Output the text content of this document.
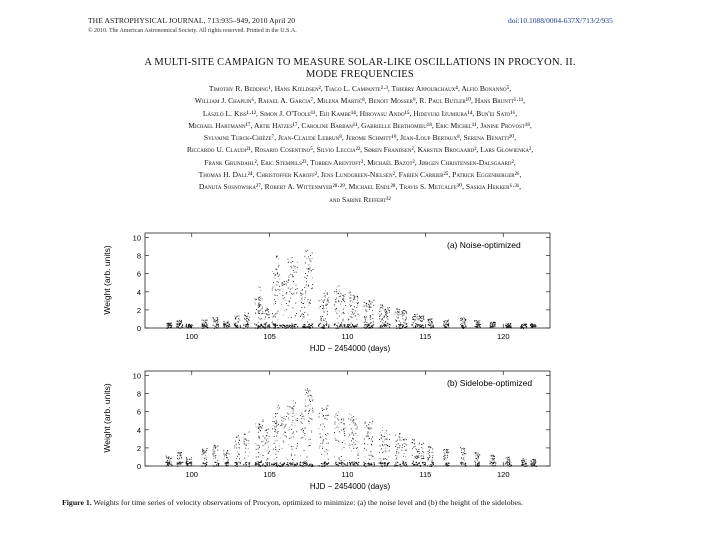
THE ASTROPHYSICAL JOURNAL, 713:935–949, 2010 April 20
© 2010. The American Astronomical Society. All rights reserved. Printed in the U.S.A.
doi:10.1088/0004-637X/713/2/935
A MULTI-SITE CAMPAIGN TO MEASURE SOLAR-LIKE OSCILLATIONS IN PROCYON. II.
MODE FREQUENCIES
Timothy R. Bedding¹, Hans Kjeldsen², Tiago L. Campante²·³, Thierry Appourchaux⁴, Alfio Bonanno⁵,
William J. Chaplin⁶, Rafael A. Garcia⁷, Milena Martić⁸, Benoit Mosser⁹, R. Paul Butler¹⁰, Hans Bruntt¹·¹¹,
László L. Kiss¹·¹², Simon J. O'Toole¹³, Eiji Kambe¹⁴, Hiroyasu Ando¹⁵, Hideyuki Izumiura¹⁴, Bun'ei Sato¹⁶,
Michael Hartmann¹⁷, Artie Hatzes¹⁷, Caroline Barban¹¹, Gabrielle Berthomieu¹⁸, Eric Michel¹¹, Janine Provost¹⁸,
Sylvaine Turck-Chièze⁷, Jean-Claude Lebrun⁸, Jerome Schmitt¹⁹, Jean-Loup Bertaux⁸, Serena Benatti²⁰,
Riccardo U. Claudi²¹, Rosario Cosentino⁵, Silvio Leccia²², Søren Frandsen², Karsten Brogaard², Lars Glowienka²,
Frank Grundahl², Eric Stempels²³, Torben Arentoft², Michaël Bazot², Jørgen Christensen-Dalsgaard²,
Thomas H. Dall²⁴, Christoffer Karoff², Jens Lundgreen-Nielsen², Fabien Carrier²⁵, Patrick Eggenberger²⁶,
Danuta Sosnowska²⁷, Robert A. Wittenmyer²⁸·²⁹, Michael Endl²⁸, Travis S. Metcalfe³⁰, Saskia Hekker⁶·³¹,
and Sabine Reffert³²
0
2
4
6
8
10
100	105	110	115	120
Weight (arb. units)
HJD − 2454000 (days)
(a) Noise-optimized
0
2
4
6
8
10
100	105	110	115	120
Weight (arb. units)
HJD − 2454000 (days)
(b) Sidelobe-optimized
Figure 1. Weights for time series of velocity observations of Procyon, optimized to minimize: (a) the noise level and (b) the height of the sidelobes.
